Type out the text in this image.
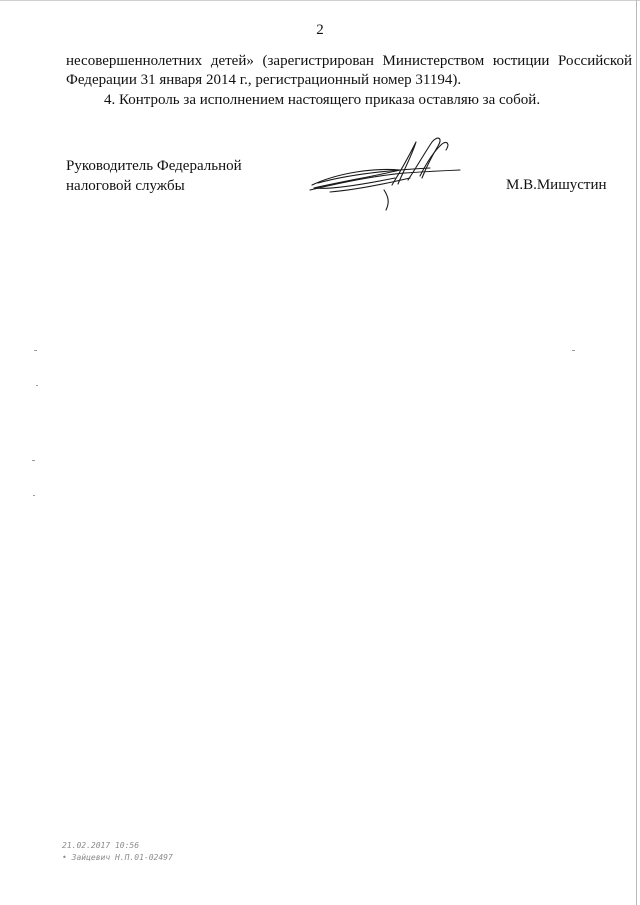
2

несовершеннолетних детей» (зарегистрирован Министерством юстиции Российской Федерации 31 января 2014 г., регистрационный номер 31194).

4. Контроль за исполнением настоящего приказа оставляю за собой.

Руководитель Федеральной
налоговой службы	М.В.Мишустин
21.02.2017 10:56
• Зайцевич Н.П.01-02497
